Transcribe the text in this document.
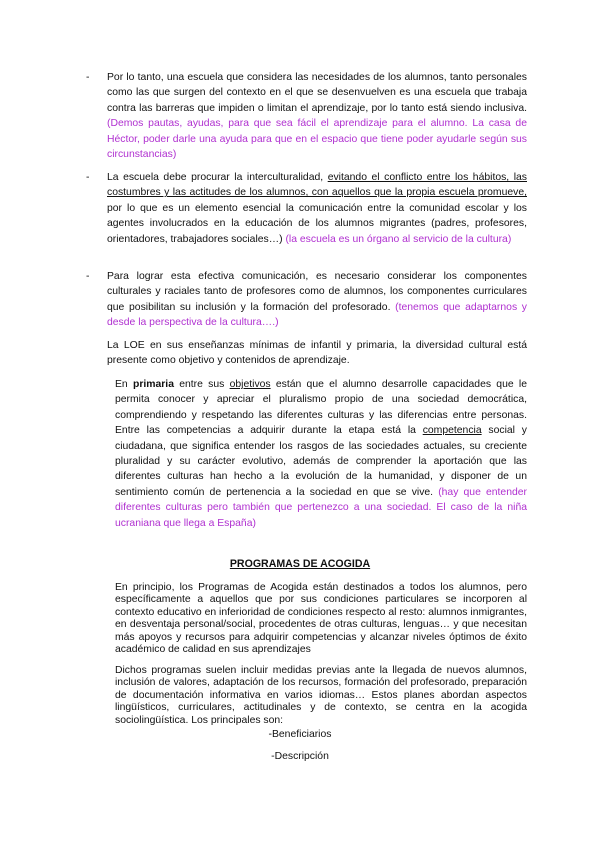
-	Por lo tanto, una escuela que considera las necesidades de los alumnos, tanto personales como las que surgen del contexto en el que se desenvuelven es una escuela que trabaja contra las barreras que impiden o limitan el aprendizaje, por lo tanto está siendo inclusiva. (Demos pautas, ayudas, para que sea fácil el aprendizaje para el alumno. La casa de Héctor, poder darle una ayuda para que en el espacio que tiene poder ayudarle según sus circunstancias)
-	La escuela debe procurar la interculturalidad, evitando el conflicto entre los hábitos, las costumbres y las actitudes de los alumnos, con aquellos que la propia escuela promueve, por lo que es un elemento esencial la comunicación entre la comunidad escolar y los agentes involucrados en la educación de los alumnos migrantes (padres, profesores, orientadores, trabajadores sociales…) (la escuela es un órgano al servicio de la cultura)
-	Para lograr esta efectiva comunicación, es necesario considerar los componentes culturales y raciales tanto de profesores como de alumnos, los componentes curriculares que posibilitan su inclusión y la formación del profesorado. (tenemos que adaptarnos y desde la perspectiva de la cultura….)
La LOE en sus enseñanzas mínimas de infantil y primaria, la diversidad cultural está presente como objetivo y contenidos de aprendizaje.
En primaria entre sus objetivos están que el alumno desarrolle capacidades que le permita conocer y apreciar el pluralismo propio de una sociedad democrática, comprendiendo y respetando las diferentes culturas y las diferencias entre personas. Entre las competencias a adquirir durante la etapa está la competencia social y ciudadana, que significa entender los rasgos de las sociedades actuales, su creciente pluralidad y su carácter evolutivo, además de comprender la aportación que las diferentes culturas han hecho a la evolución de la humanidad, y disponer de un sentimiento común de pertenencia a la sociedad en que se vive. (hay que entender diferentes culturas pero también que pertenezco a una sociedad. El caso de la niña ucraniana que llega a España)
PROGRAMAS DE ACOGIDA
En principio, los Programas de Acogida están destinados a todos los alumnos, pero específicamente a aquellos que por sus condiciones particulares se incorporen al contexto educativo en inferioridad de condiciones respecto al resto: alumnos inmigrantes, en desventaja personal/social, procedentes de otras culturas, lenguas… y que necesitan más apoyos y recursos para adquirir competencias y alcanzar niveles óptimos de éxito académico de calidad en sus aprendizajes
Dichos programas suelen incluir medidas previas ante la llegada de nuevos alumnos, inclusión de valores, adaptación de los recursos, formación del profesorado, preparación de documentación informativa en varios idiomas… Estos planes abordan aspectos lingüísticos, curriculares, actitudinales y de contexto, se centra en la acogida sociolingüística. Los principales son:
-Beneficiarios
-Descripción
